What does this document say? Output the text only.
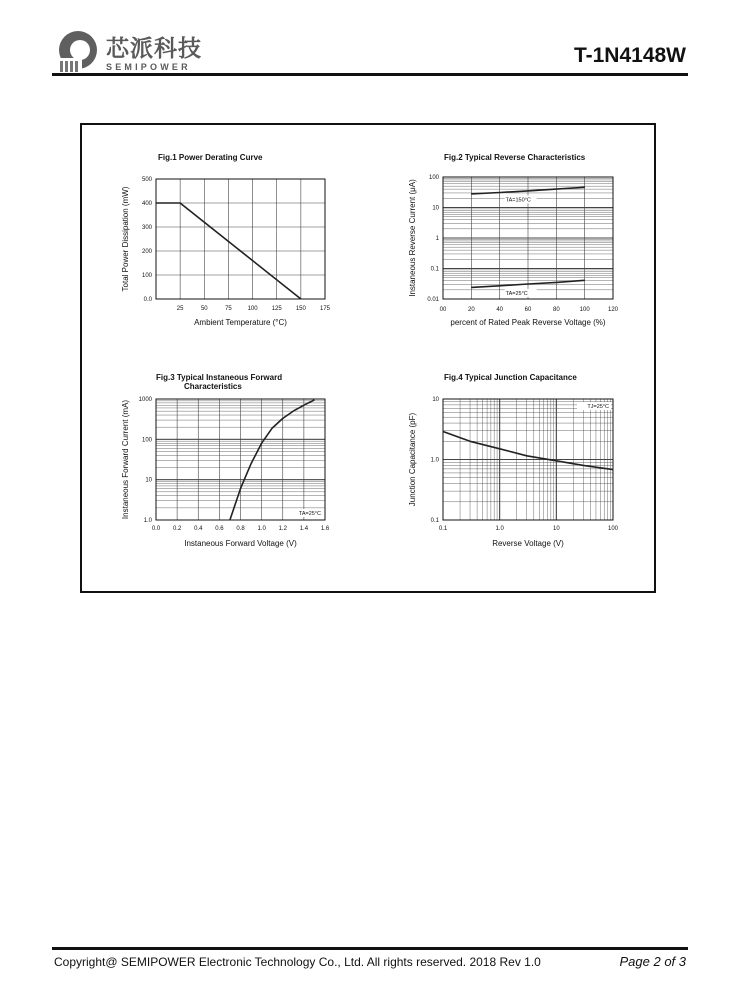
芯派科技
SEMIPOWER	T-1N4148W
Fig.1 Power Derating Curve	Fig.2 Typical Reverse Characteristics
Fig.3 Typical Instaneous Forward
Characteristics
Fig.4 Typical Junction Capacitance
25	50	75	100 125 150 175
500
400
300
200
100
0.0
Ambient Temperature (°C)
Total Power Dissipation (mW)
00	20	40	60	80	100	120
100
10
1
0.1
0.01
percent of Rated Peak Reverse Voltage (%)
Instaneous Reverse Current (μA)	TA=150°C
TA=25°C
0.0 0.2 0.4 0.6 0.8 1.0 1.2 1.4 1.6
1000
100
10
1.0
Instaneous Forward Voltage (V)
Instaneous Forward Current (mA)	TA=25°C
0.1	1.0	10	100
10
1.0
0.1
Reverse Voltage (V)
Junction Capacitance (pF)
TJ=25°C
Copyright@ SEMIPOWER Electronic Technology Co., Ltd. All rights reserved. 2018 Rev 1.0	Page 2 of 3
